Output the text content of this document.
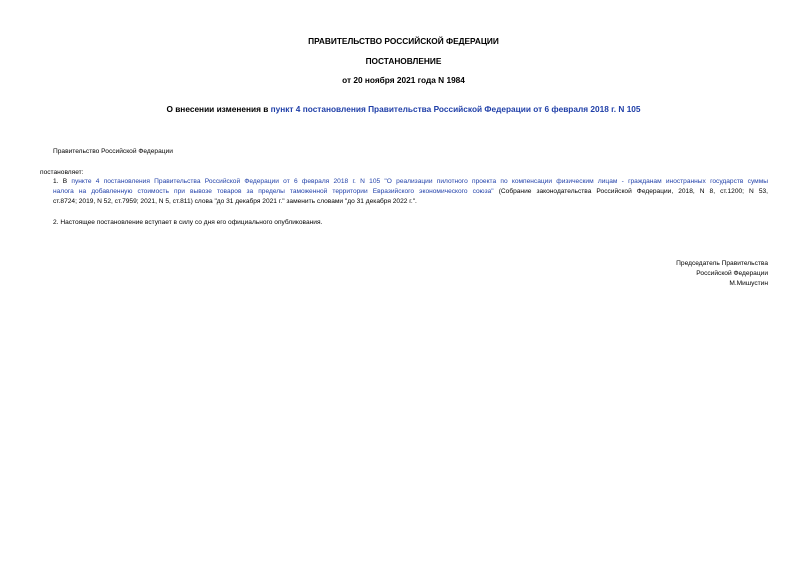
ПРАВИТЕЛЬСТВО РОССИЙСКОЙ ФЕДЕРАЦИИ
ПОСТАНОВЛЕНИЕ
от 20 ноября 2021 года N 1984
О внесении изменения в пункт 4 постановления Правительства Российской Федерации от 6 февраля 2018 г. N 105
Правительство Российской Федерации
постановляет:
1. В пункте 4 постановления Правительства Российской Федерации от 6 февраля 2018 г. N 105 "О реализации пилотного проекта по компенсации физическим лицам - гражданам иностранных государств суммы
налога на добавленную стоимость при вывозе товаров за пределы таможенной территории Евразийского экономического союза" (Собрание законодательства Российской Федерации, 2018, N 8, ст.1200; N 53,
ст.8724; 2019, N 52, ст.7959; 2021, N 5, ст.811) слова "до 31 декабря 2021 г." заменить словами "до 31 декабря 2022 г.".
2. Настоящее постановление вступает в силу со дня его официального опубликования.
Председатель Правительства
Российской Федерации
М.Мишустин
